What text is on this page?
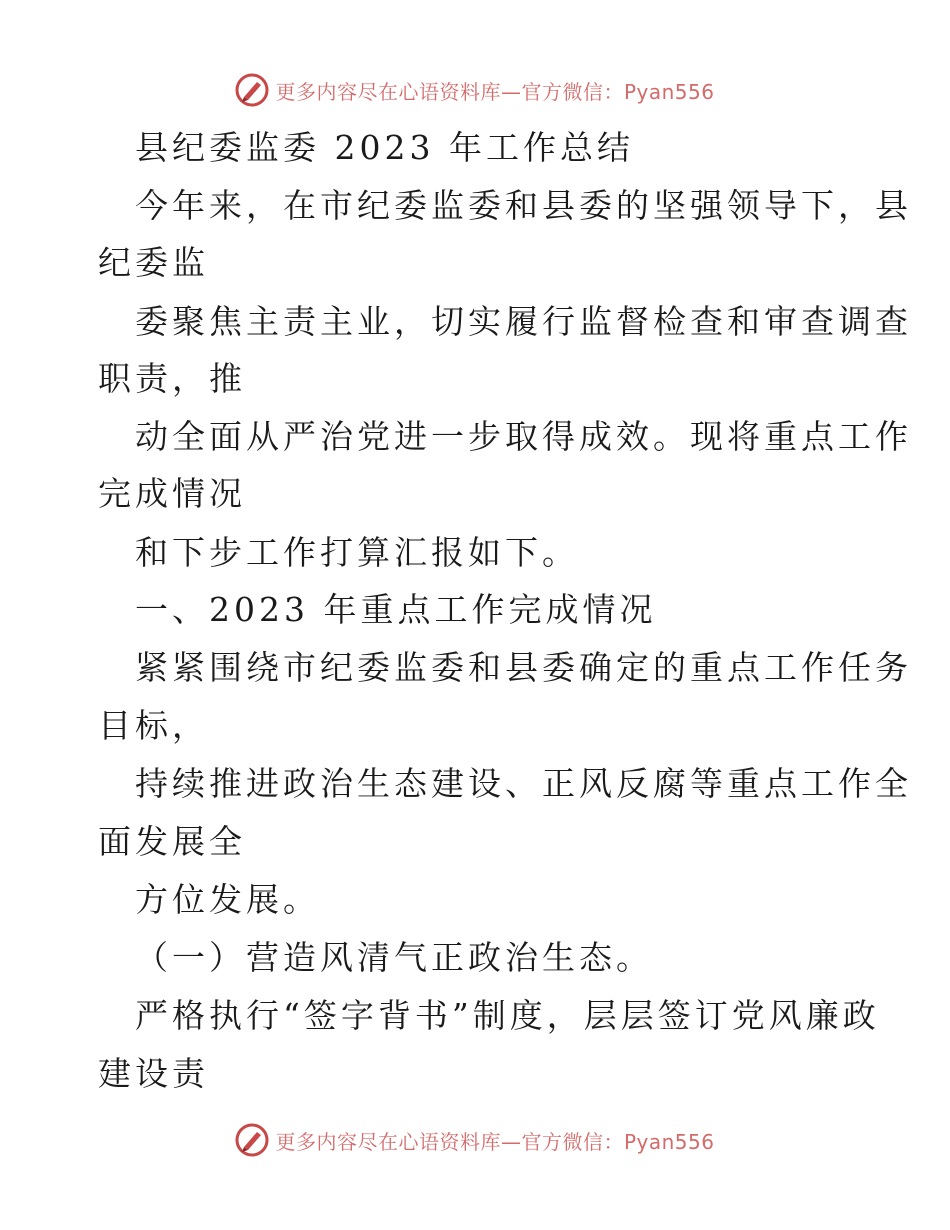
更多内容尽在心语资料库—官方微信：Pyan556
县纪委监委 2023 年工作总结
今年来，在市纪委监委和县委的坚强领导下，县
纪委监
委聚焦主责主业，切实履行监督检查和审查调查
职责，推
动全面从严治党进一步取得成效。现将重点工作
完成情况
和下步工作打算汇报如下。
一、2023 年重点工作完成情况
紧紧围绕市纪委监委和县委确定的重点工作任务
目标，
持续推进政治生态建设、正风反腐等重点工作全
面发展全
方位发展。
（一）营造风清气正政治生态。
严格执行“签字背书”制度，层层签订党风廉政
建设责
更多内容尽在心语资料库—官方微信：Pyan556
